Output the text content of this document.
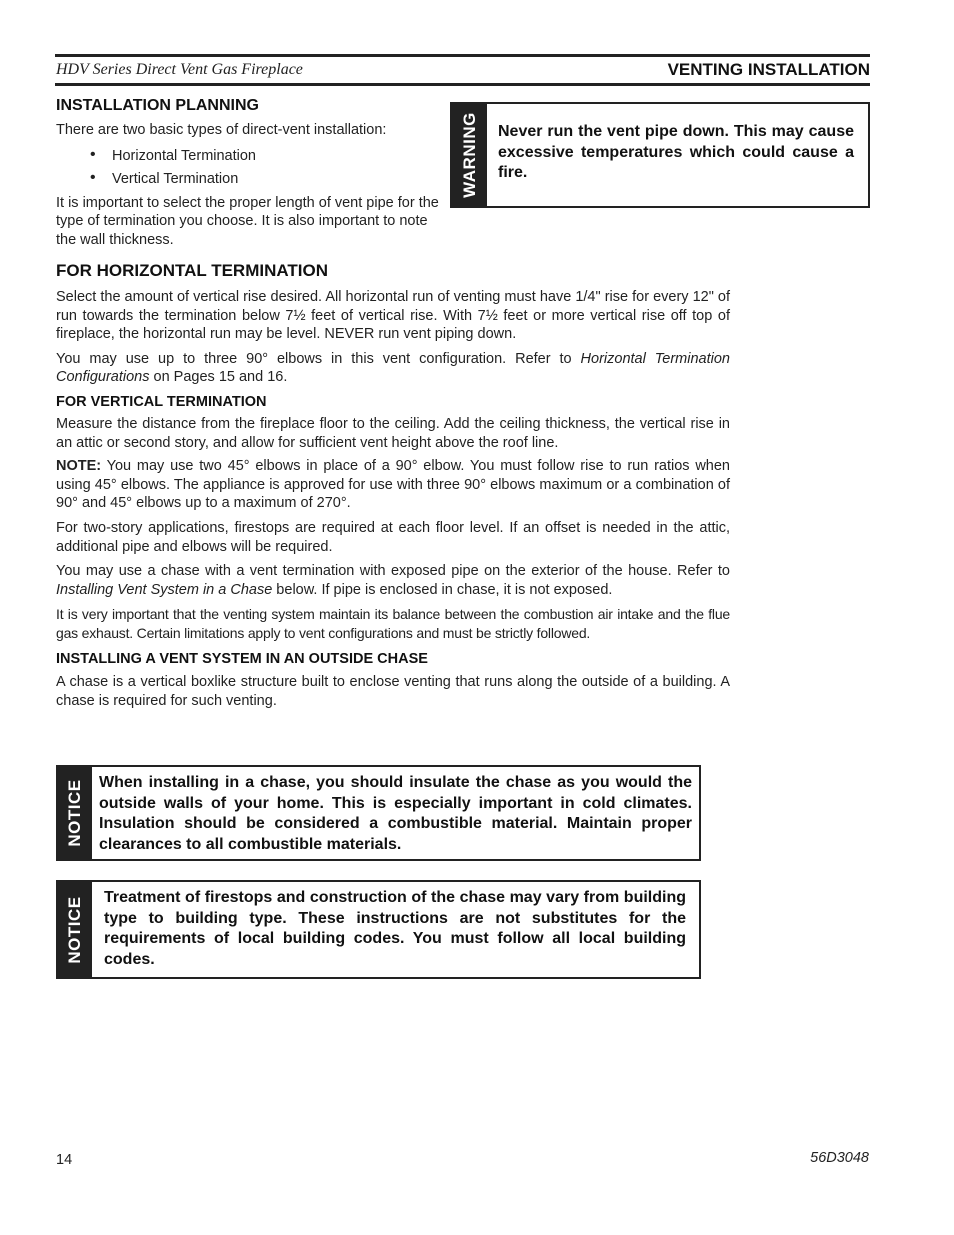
HDV Series Direct Vent Gas Fireplace	VENTING INSTALLATION
INSTALLATION PLANNING

There are two basic types of direct-vent installation:

• Horizontal Termination
• Vertical Termination

It is important to select the proper length of vent pipe for the type of termination you choose. It is also important to note the wall thickness.

WARNING Never run the vent pipe down. This may cause excessive temperatures which could cause a fire.
FOR HORIZONTAL TERMINATION

Select the amount of vertical rise desired. All horizontal run of venting must have 1/4" rise for every 12" of run towards the termination below 7½ feet of vertical rise. With 7½ feet or more vertical rise off top of fireplace, the horizontal run may be level. NEVER run vent piping down.

You may use up to three 90° elbows in this vent configuration. Refer to Horizontal Termination Configurations on Pages 15 and 16.

FOR VERTICAL TERMINATION

Measure the distance from the fireplace floor to the ceiling. Add the ceiling thickness, the vertical rise in an attic or second story, and allow for sufficient vent height above the roof line.

NOTE: You may use two 45° elbows in place of a 90° elbow. You must follow rise to run ratios when using 45° elbows. The appliance is approved for use with three 90° elbows maximum or a combination of 90° and 45° elbows up to a maximum of 270°.

For two-story applications, firestops are required at each floor level. If an offset is needed in the attic, additional pipe and elbows will be required.

You may use a chase with a vent termination with exposed pipe on the exterior of the house. Refer to Installing Vent System in a Chase below. If pipe is enclosed in chase, it is not exposed.

It is very important that the venting system maintain its balance between the combustion air intake and the flue gas exhaust. Certain limitations apply to vent configurations and must be strictly followed.

INSTALLING A VENT SYSTEM IN AN OUTSIDE CHASE

A chase is a vertical boxlike structure built to enclose venting that runs along the outside of a building. A chase is required for such venting.

NOTICE When installing in a chase, you should insulate the chase as you would the outside walls of your home. This is especially important in cold climates. Insulation should be considered a combustible material. Maintain proper clearances to all combustible materials.
NOTICE Treatment of firestops and construction of the chase may vary from building type to building type. These instructions are not substitutes for the requirements of local building codes. You must follow all local building codes.
14	56D3048
